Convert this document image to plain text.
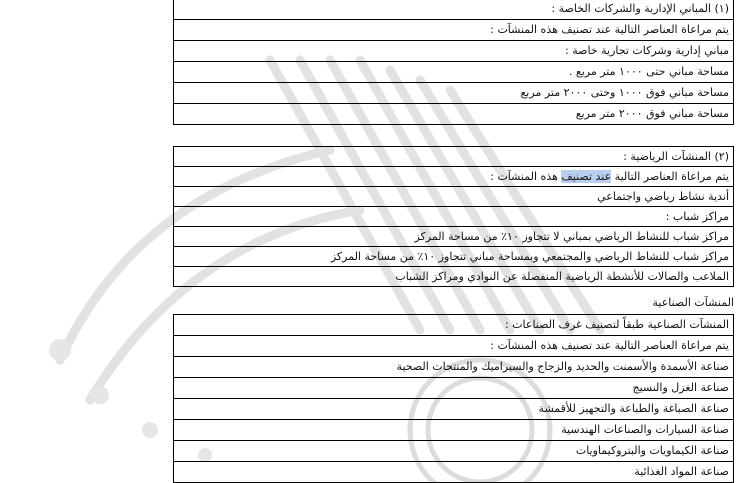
(١) المباني الإدارية والشركات الخاصة :
يتم مراعاة العناصر التالية عند تصنيف هذه المنشآت :
مباني إدارية وشركات تجارية خاصة :
مساحة مباني حتى ١٠٠٠ متر مربع .
مساحة مباني فوق ١٠٠٠ وحتى ٢٠٠٠ متر مربع
مساحة مباني فوق ٢٠٠٠ متر مربع
(٢) المنشآت الرياضية :
يتم مراعاة العناصر التالية عند تصنيف هذه المنشآت :
أندية نشاط رياضي واجتماعي
مراكز شباب :
مراكز شباب للنشاط الرياضي بمباني لا تتجاوز ١٠٪ من مساحة المركز
مراكز شباب للنشاط الرياضي والمجتمعي وبمساحة مباني تتجاوز ١٠٪ من مساحة المركز
الملاعب والصالات للأنشطة الرياضية المنفصلة عن النوادي ومراكز الشباب
المنشآت الصناعية
المنشآت الصناعية طبقاً لتصنيف غرف الصناعات :
يتم مراعاة العناصر التالية عند تصنيف هذه المنشآت :
صناعة الأسمدة والأسمنت والحديد والزجاج والسيراميك والمنتجات الصحية
صناعة الغزل والنسيج
صناعة الصباغة والطباعة والتجهيز للأقمشة
صناعة السيارات والصناعات الهندسية
صناعة الكيماويات والبتروكيماويات
صناعة المواد الغذائية
